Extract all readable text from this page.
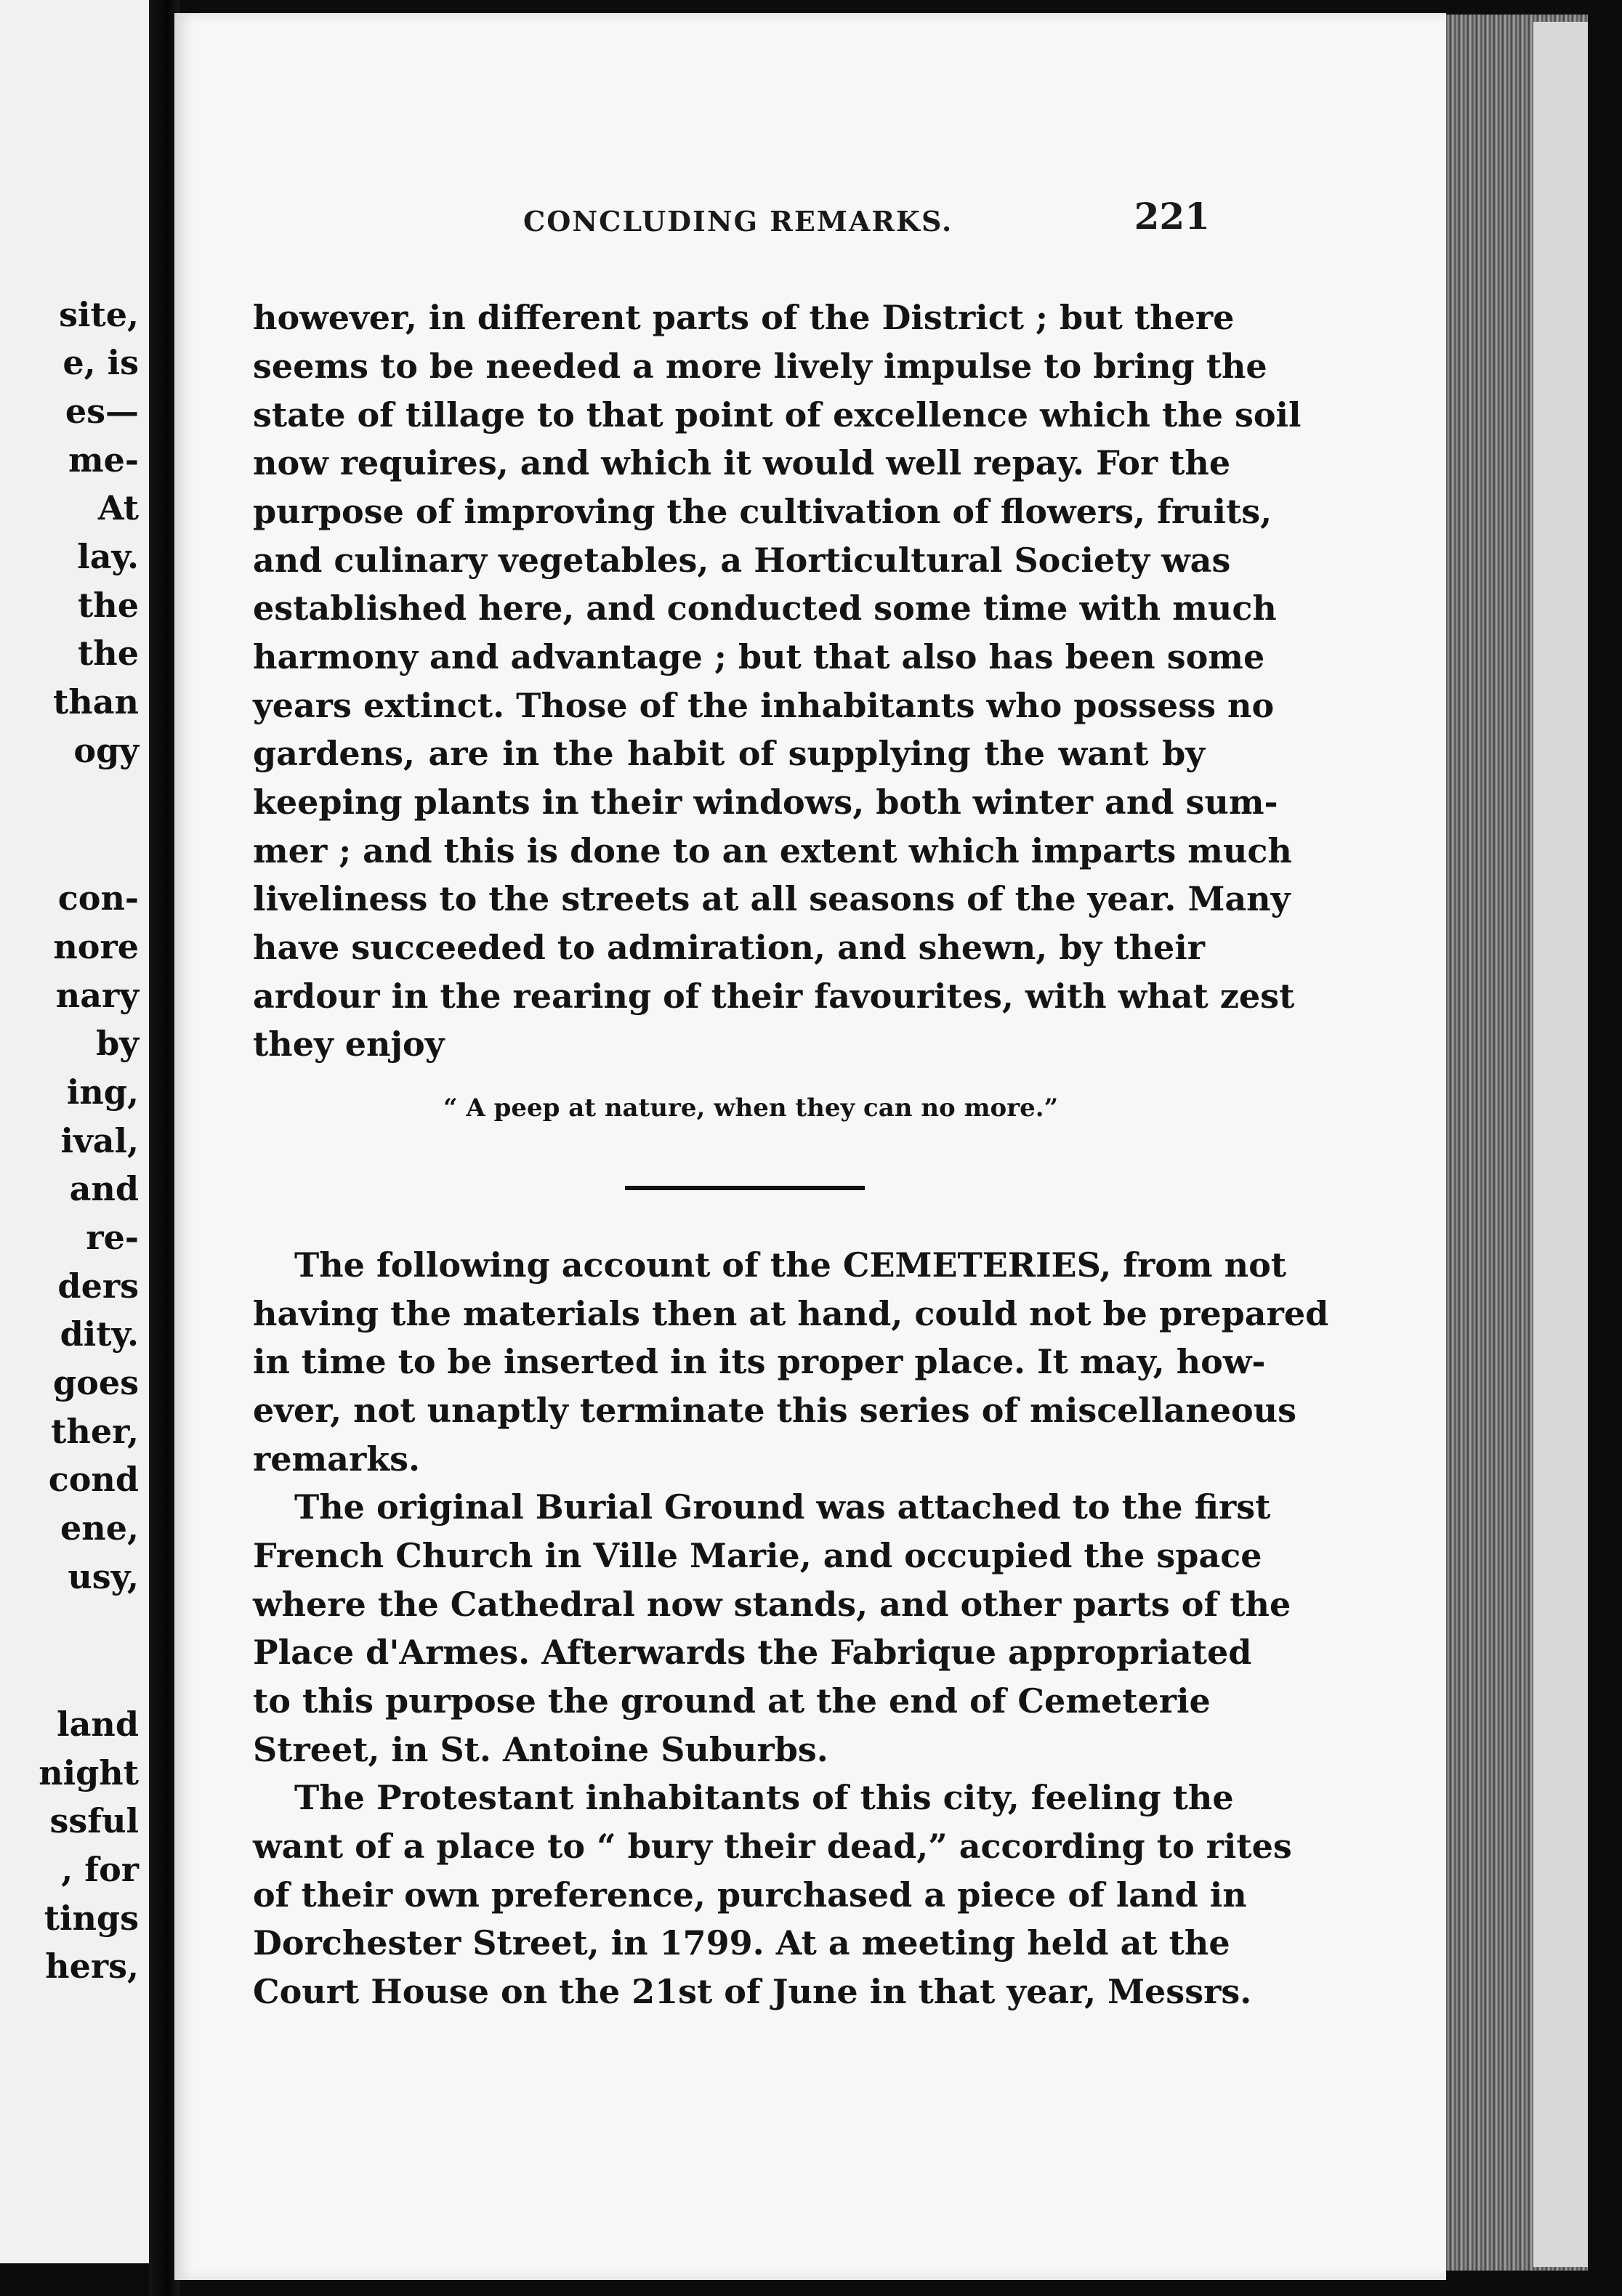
site,
e, is
es—
me-
At
lay.
the
the
than
ogy
con-
nore
nary
by
ing,
ival,
and
re-
ders
dity.
goes
ther,
cond
ene,
usy,
land
night
ssful
, for
tings
hers,
CONCLUDING REMARKS.	221
however, in different parts of the District ; but there
seems to be needed a more lively impulse to bring the
state of tillage to that point of excellence which the soil
now requires, and which it would well repay. For the
purpose of improving the cultivation of flowers, fruits,
and culinary vegetables, a Horticultural Society was
established here, and conducted some time with much
harmony and advantage ; but that also has been some
years extinct. Those of the inhabitants who possess no
gardens, are in the habit of supplying the want by
keeping plants in their windows, both winter and sum-
mer ; and this is done to an extent which imparts much
liveliness to the streets at all seasons of the year. Many
have succeeded to admiration, and shewn, by their
ardour in the rearing of their favourites, with what zest
they enjoy
“ A peep at nature, when they can no more.”
The following account of the CEMETERIES, from not
having the materials then at hand, could not be prepared
in time to be inserted in its proper place. It may, how-
ever, not unaptly terminate this series of miscellaneous
remarks.
The original Burial Ground was attached to the first
French Church in Ville Marie, and occupied the space
where the Cathedral now stands, and other parts of the
Place d'Armes. Afterwards the Fabrique appropriated
to this purpose the ground at the end of Cemeterie
Street, in St. Antoine Suburbs.
The Protestant inhabitants of this city, feeling the
want of a place to “ bury their dead,” according to rites
of their own preference, purchased a piece of land in
Dorchester Street, in 1799. At a meeting held at the
Court House on the 21st of June in that year, Messrs.
